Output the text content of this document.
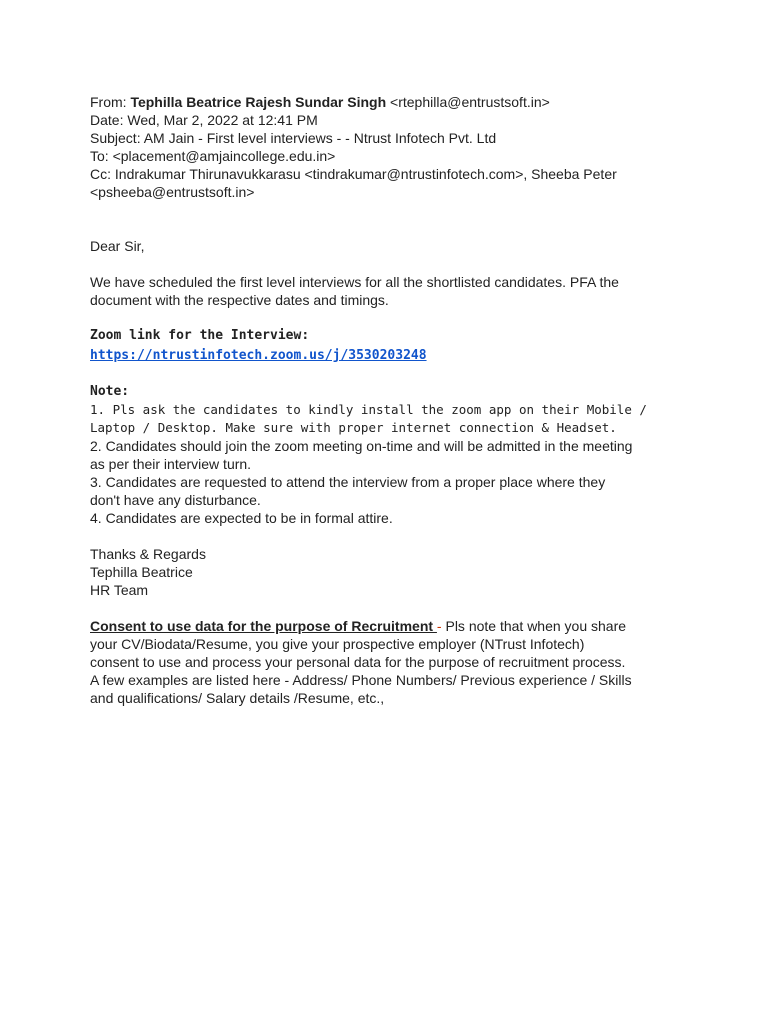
From: Tephilla Beatrice Rajesh Sundar Singh <rtephilla@entrustsoft.in>
Date: Wed, Mar 2, 2022 at 12:41 PM
Subject: AM Jain - First level interviews - - Ntrust Infotech Pvt. Ltd
To: <placement@amjaincollege.edu.in>
Cc: Indrakumar Thirunavukkarasu <tindrakumar@ntrustinfotech.com>, Sheeba Peter
<psheeba@entrustsoft.in>
Dear Sir,
We have scheduled the first level interviews for all the shortlisted candidates. PFA the
document with the respective dates and timings.
Zoom link for the Interview:
https://ntrustinfotech.zoom.us/j/3530203248
Note:
1. Pls ask the candidates to kindly install the zoom app on their Mobile /
Laptop / Desktop. Make sure with proper internet connection & Headset.
2. Candidates should join the zoom meeting on-time and will be admitted in the meeting
as per their interview turn.
3. Candidates are requested to attend the interview from a proper place where they
don't have any disturbance.
4. Candidates are expected to be in formal attire.
Thanks & Regards
Tephilla Beatrice
HR Team
Consent to use data for the purpose of Recruitment - Pls note that when you share
your CV/Biodata/Resume, you give your prospective employer (NTrust Infotech)
consent to use and process your personal data for the purpose of recruitment process.
A few examples are listed here - Address/ Phone Numbers/ Previous experience / Skills
and qualifications/ Salary details /Resume, etc.,
